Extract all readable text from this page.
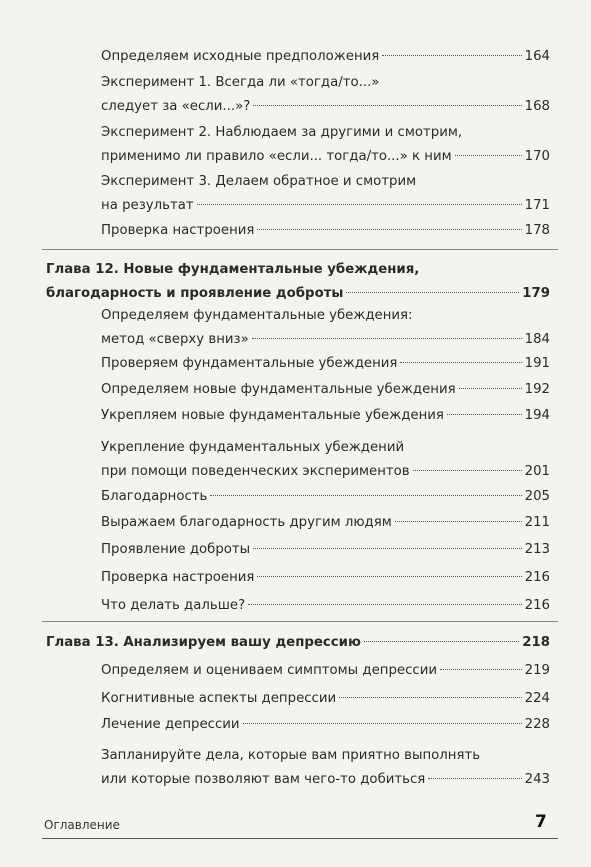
Определяем исходные предположения	164
Эксперимент 1. Всегда ли «тогда/то...»
следует за «если...»?	168
Эксперимент 2. Наблюдаем за другими и смотрим,
применимо ли правило «если... тогда/то...» к ним	170
Эксперимент 3. Делаем обратное и смотрим
на результат	171
Проверка настроения	178
Глава 12. Новые фундаментальные убеждения,
благодарность и проявление доброты	179
Определяем фундаментальные убеждения:
метод «сверху вниз»	184
Проверяем фундаментальные убеждения	191
Определяем новые фундаментальные убеждения	192
Укрепляем новые фундаментальные убеждения	194
Укрепление фундаментальных убеждений
при помощи поведенческих экспериментов	201
Благодарность	205
Выражаем благодарность другим людям	211
Проявление доброты	213
Проверка настроения	216
Что делать дальше?	216
Глава 13. Анализируем вашу депрессию	218
Определяем и оцениваем симптомы депрессии	219
Когнитивные аспекты депрессии	224
Лечение депрессии	228
Запланируйте дела, которые вам приятно выполнять
или которые позволяют вам чего-то добиться	243
Оглавление	7
